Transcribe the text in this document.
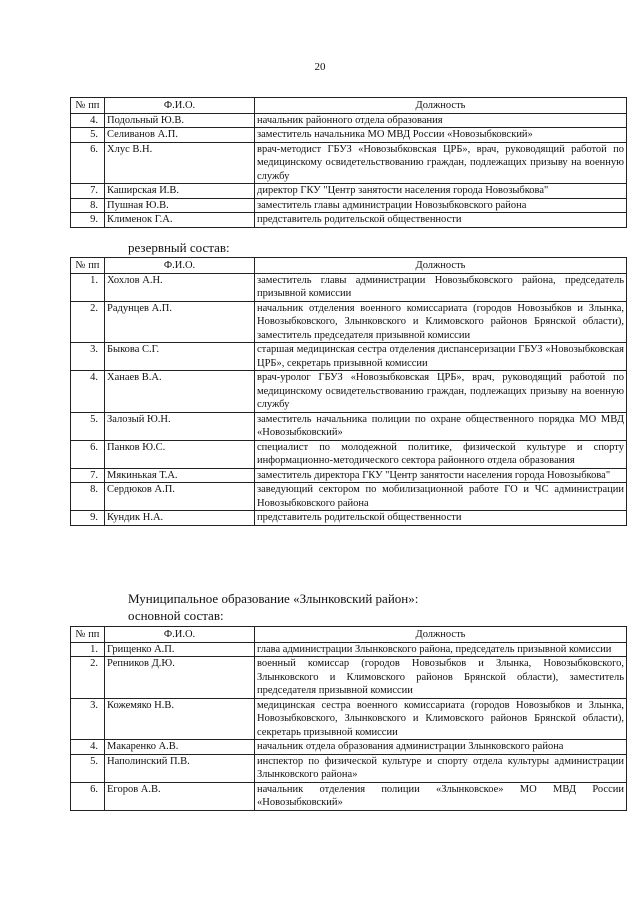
20
№ пп	Ф.И.О.	Должность
4.	Подольный Ю.В.	начальник районного отдела образования
5.	Селиванов А.П.	заместитель начальника МО МВД России «Новозыбковский»
6.	Хлус В.Н.	врач-методист ГБУЗ «Новозыбковская ЦРБ», врач, руководящий работой по медицинскому освидетельствованию граждан, подлежащих призыву на военную службу
7.	Каширская И.В.	директор ГКУ "Центр занятости населения города Новозыбкова"
8.	Пушная Ю.В.	заместитель главы администрации Новозыбковского района
9.	Клименок Г.А.	представитель родительской общественности
резервный состав:
№ пп	Ф.И.О.	Должность
1.	Хохлов А.Н.	заместитель главы администрации Новозыбковского района, председатель призывной комиссии
2.	Радунцев А.П.	начальник отделения военного комиссариата (городов Новозыбков и Злынка, Новозыбковского, Злынковского и Климовского районов Брянской области), заместитель председателя призывной комиссии
3.	Быкова С.Г.	старшая медицинская сестра отделения диспансеризации ГБУЗ «Новозыбковская ЦРБ», секретарь призывной комиссии
4.	Ханаев В.А.	врач-уролог ГБУЗ «Новозыбковская ЦРБ», врач, руководящий работой по медицинскому освидетельствованию граждан, подлежащих призыву на военную службу
5.	Залозый Ю.Н.	заместитель начальника полиции по охране общественного порядка МО МВД «Новозыбковский»
6.	Панков Ю.С.	специалист по молодежной политике, физической культуре и спорту информационно-методического сектора районного отдела образования
7.	Мякинькая Т.А.	заместитель директора ГКУ "Центр занятости населения города Новозыбкова"
8.	Сердюков А.П.	заведующий сектором по мобилизационной работе ГО и ЧС администрации Новозыбковского района
9.	Кундик Н.А.	представитель родительской общественности
Муниципальное образование «Злынковский район»:
основной состав:
№ пп	Ф.И.О.	Должность
1.	Грищенко А.П.	глава администрации Злынковского района, председатель призывной комиссии
2.	Репников Д.Ю.	военный комиссар (городов Новозыбков и Злынка, Новозыбковского, Злынковского и Климовского районов Брянской области), заместитель председателя призывной комиссии
3.	Кожемяко Н.В.	медицинская сестра военного комиссариата (городов Новозыбков и Злынка, Новозыбковского, Злынковского и Климовского районов Брянской области), секретарь призывной комиссии
4.	Макаренко А.В.	начальник отдела образования администрации Злынковского района
5.	Наполинский П.В.	инспектор по физической культуре и спорту отдела культуры администрации Злынковского района»
6.	Егоров А.В.	начальник отделения полиции «Злынковское» МО МВД России «Новозыбковский»
